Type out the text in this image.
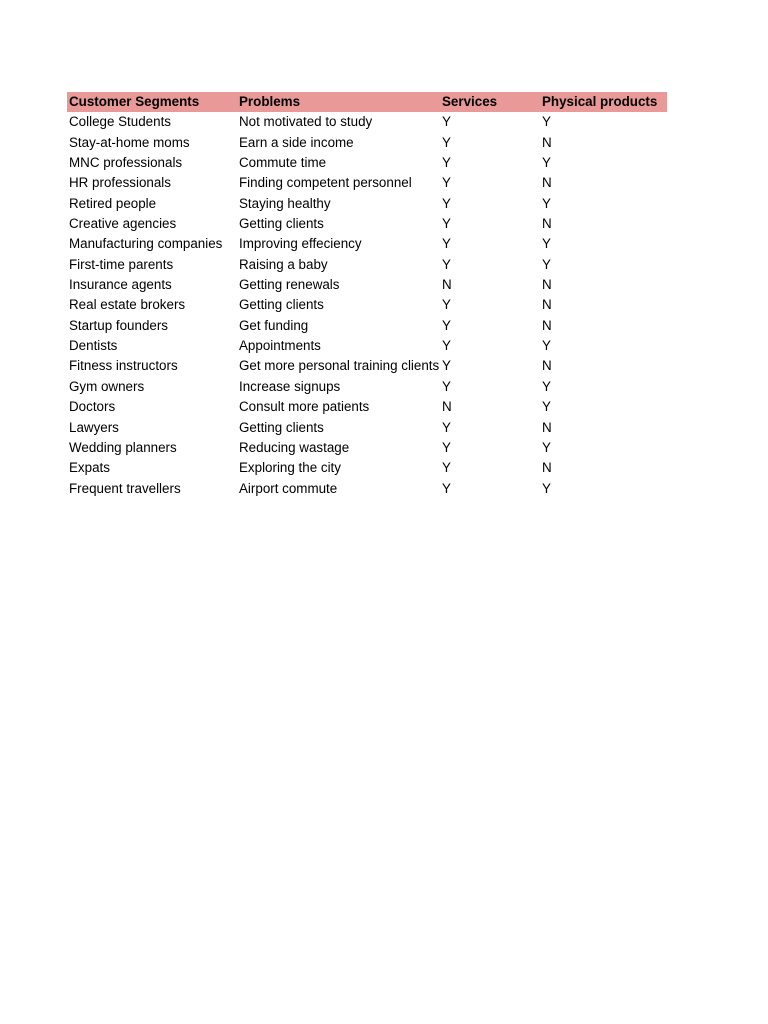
Customer Segments	Problems	Services	Physical products
College Students	Not motivated to study	Y	Y
Stay-at-home moms	Earn a side income	Y	N
MNC professionals	Commute time	Y	Y
HR professionals	Finding competent personnel	Y	N
Retired people	Staying healthy	Y	Y
Creative agencies	Getting clients	Y	N
Manufacturing companies	Improving effeciency	Y	Y
First-time parents	Raising a baby	Y	Y
Insurance agents	Getting renewals	N	N
Real estate brokers	Getting clients	Y	N
Startup founders	Get funding	Y	N
Dentists	Appointments	Y	Y
Fitness instructors	Get more personal training clients Y	N
Gym owners	Increase signups	Y	Y
Doctors	Consult more patients	N	Y
Lawyers	Getting clients	Y	N
Wedding planners	Reducing wastage	Y	Y
Expats	Exploring the city	Y	N
Frequent travellers	Airport commute	Y	Y
